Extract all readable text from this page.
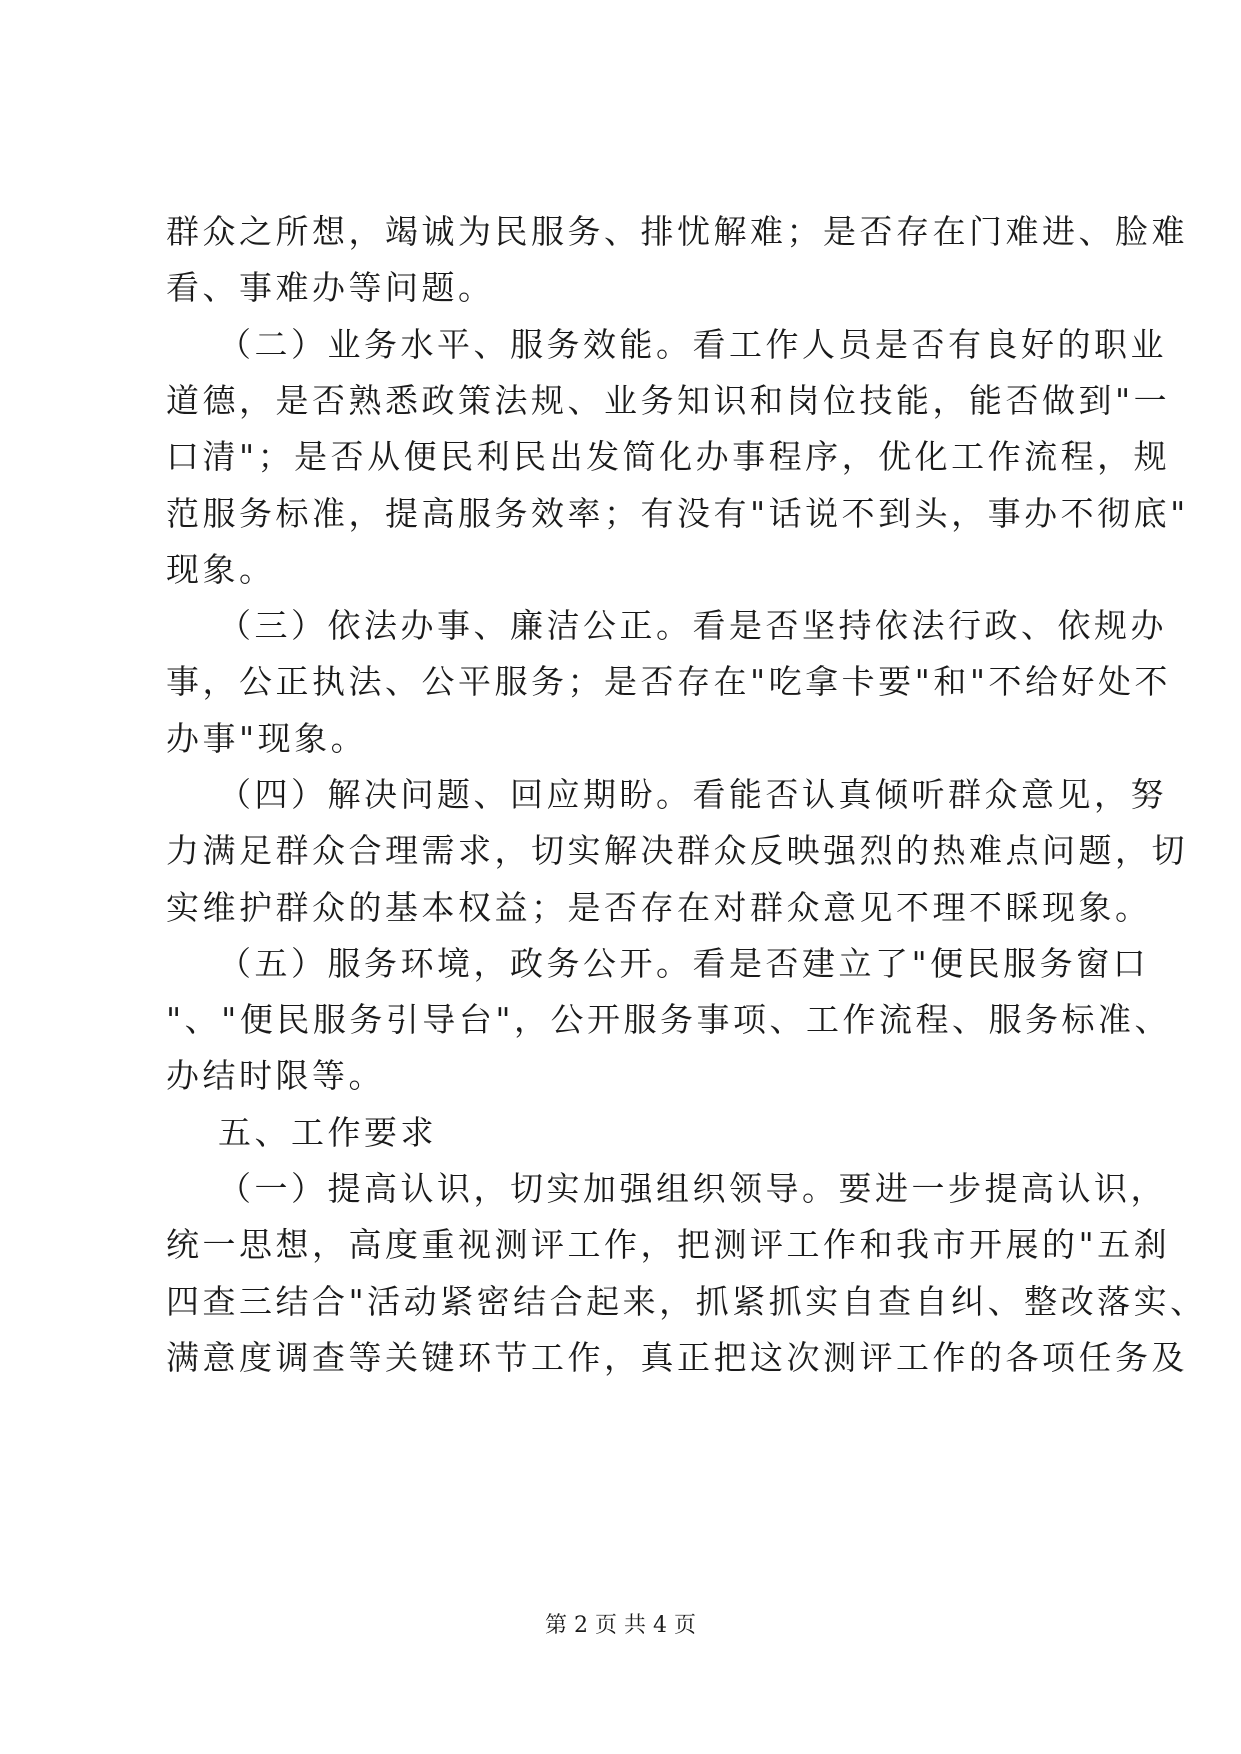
群众之所想，竭诚为民服务、排忧解难；是否存在门难进、脸难
看、事难办等问题。
（二）业务水平、服务效能。看工作人员是否有良好的职业
道德，是否熟悉政策法规、业务知识和岗位技能，能否做到"一
口清"；是否从便民利民出发简化办事程序，优化工作流程，规
范服务标准，提高服务效率；有没有"话说不到头，事办不彻底"
现象。
（三）依法办事、廉洁公正。看是否坚持依法行政、依规办
事，公正执法、公平服务；是否存在"吃拿卡要"和"不给好处不
办事"现象。
（四）解决问题、回应期盼。看能否认真倾听群众意见，努
力满足群众合理需求，切实解决群众反映强烈的热难点问题，切
实维护群众的基本权益；是否存在对群众意见不理不睬现象。
（五）服务环境，政务公开。看是否建立了"便民服务窗口
"、"便民服务引导台"，公开服务事项、工作流程、服务标准、
办结时限等。
五、工作要求
（一）提高认识，切实加强组织领导。要进一步提高认识，
统一思想，高度重视测评工作，把测评工作和我市开展的"五刹
四查三结合"活动紧密结合起来，抓紧抓实自查自纠、整改落实、
满意度调查等关键环节工作，真正把这次测评工作的各项任务及
第 2 页 共 4 页
